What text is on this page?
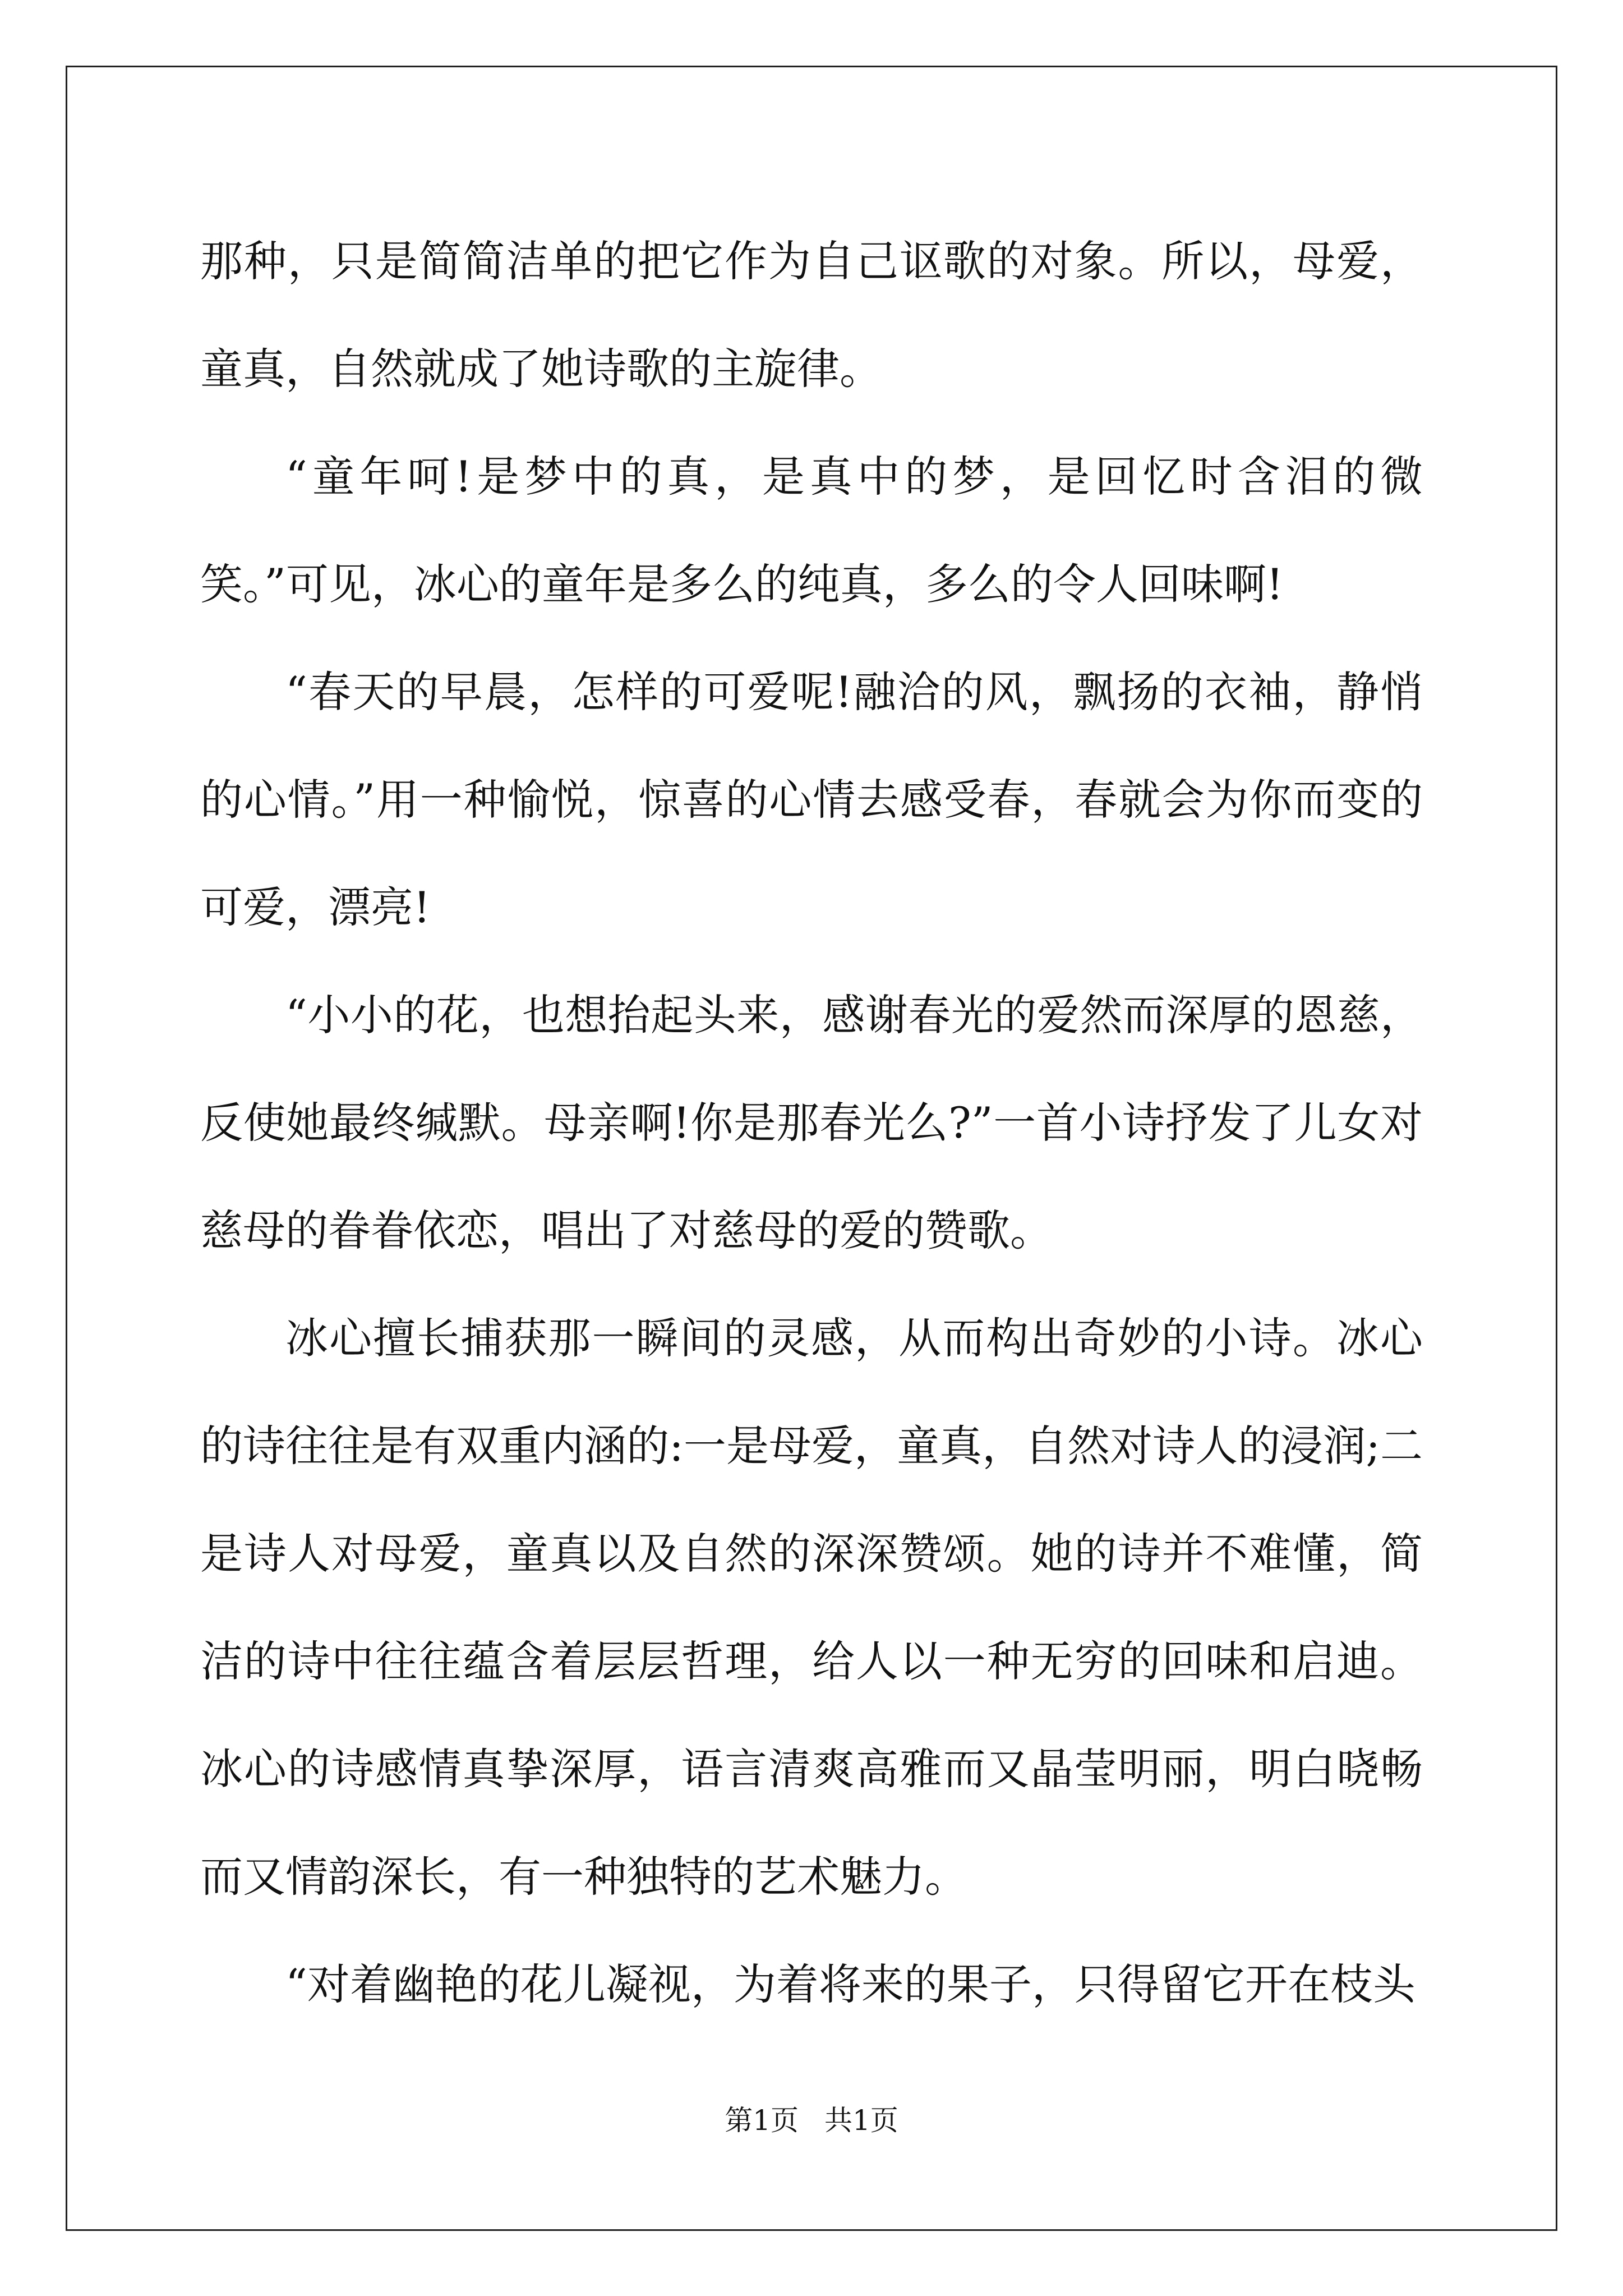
那种，只是简简洁单的把它作为自己讴歌的对象。所以，母爱，童真，自然就成了她诗歌的主旋律。

“童年呵!是梦中的真，是真中的梦，是回忆时含泪的微笑。”可见，冰心的童年是多么的纯真，多么的令人回味啊!

“春天的早晨，怎样的可爱呢!融洽的风，飘扬的衣袖，静悄的心情。”用一种愉悦，惊喜的心情去感受春，春就会为你而变的可爱，漂亮!

“小小的花，也想抬起头来，感谢春光的爱然而深厚的恩慈，反使她最终缄默。母亲啊!你是那春光么?”一首小诗抒发了儿女对慈母的眷眷依恋，唱出了对慈母的爱的赞歌。

冰心擅长捕获那一瞬间的灵感，从而构出奇妙的小诗。冰心的诗往往是有双重内涵的:一是母爱，童真，自然对诗人的浸润;二是诗人对母爱，童真以及自然的深深赞颂。她的诗并不难懂，简洁的诗中往往蕴含着层层哲理，给人以一种无穷的回味和启迪。冰心的诗感情真挚深厚，语言清爽高雅而又晶莹明丽，明白晓畅而又情韵深长，有一种独特的艺术魅力。

“对着幽艳的花儿凝视，为着将来的果子，只得留它开在枝头

第1页 共1页
